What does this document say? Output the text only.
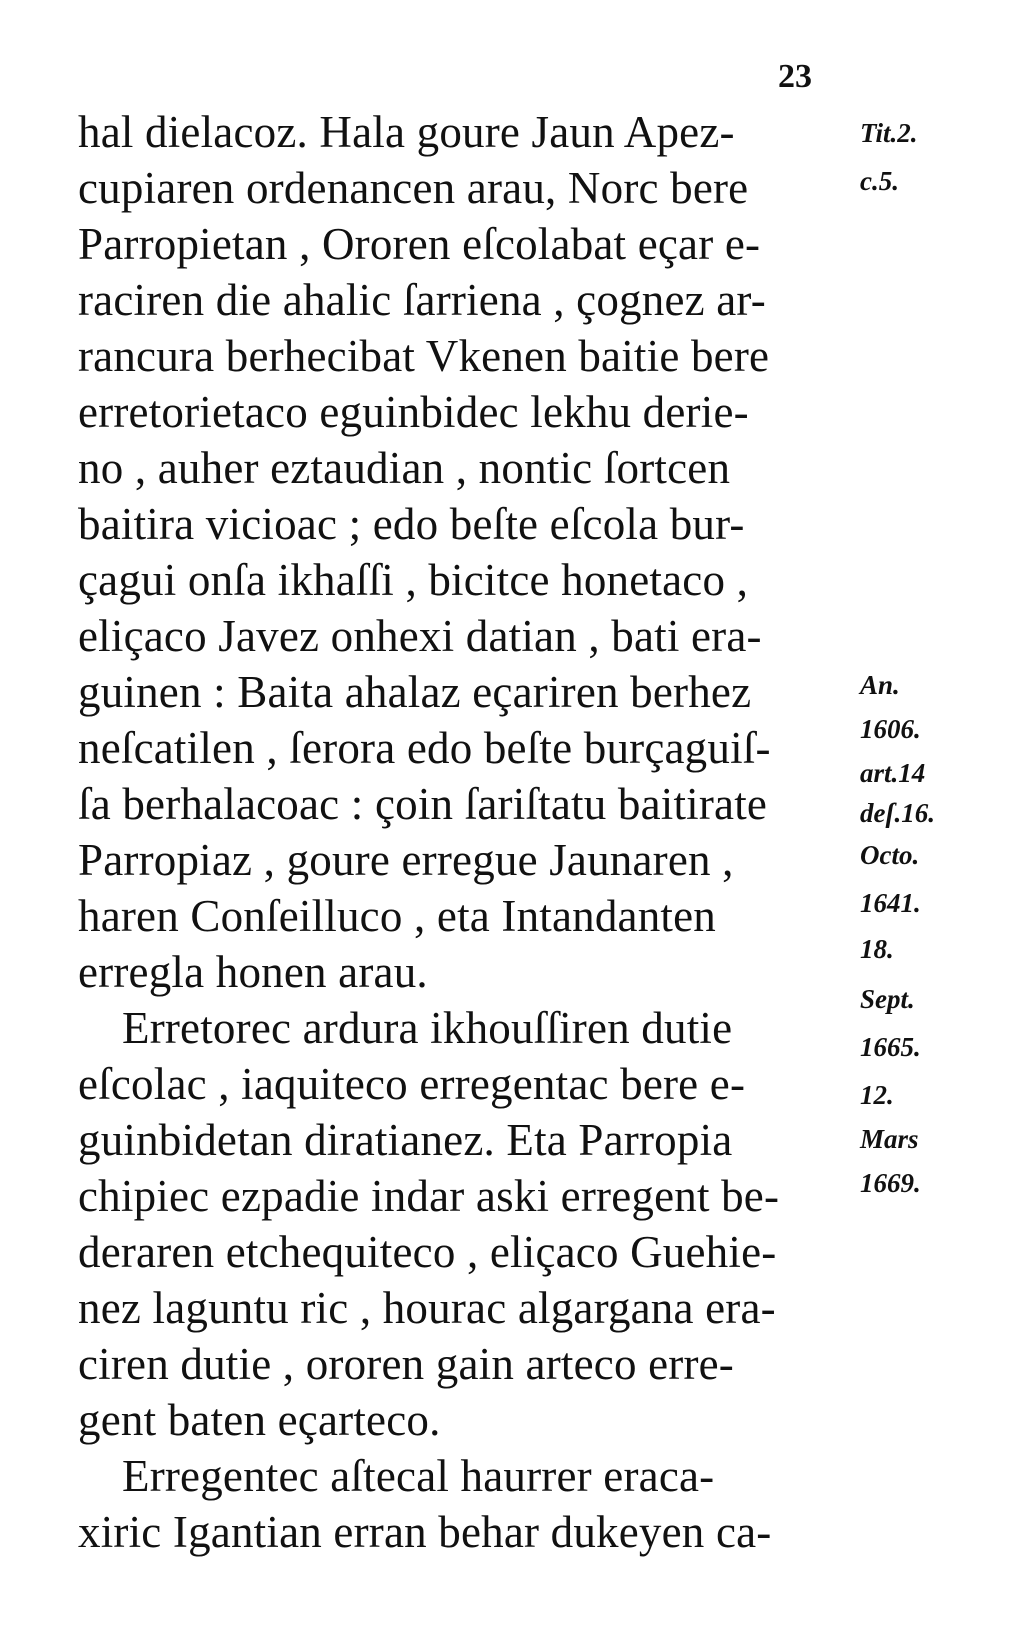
23
hal dielacoz. Hala goure Jaun Apez-
cupiaren ordenancen arau, Norc bere
Parropietan , Ororen eſcolabat eçar e-
raciren die ahalic ſarriena , çognez ar-
rancura berhecibat Vkenen baitie bere
erretorietaco eguinbidec lekhu derie-
no , auher eztaudian , nontic ſortcen
baitira vicioac ; edo beſte eſcola bur-
çagui onſa ikhaſſi , bicitce honetaco ,
eliçaco Javez onhexi datian , bati era-
guinen : Baita ahalaz eçariren berhez
neſcatilen , ſerora edo beſte burçaguiſ-
ſa berhalacoac : çoin ſariſtatu baitirate
Parropiaz , goure erregue Jaunaren ,
haren Conſeilluco , eta Intandanten
erregla honen arau.
Erretorec ardura ikhouſſiren dutie
eſcolac , iaquiteco erregentac bere e-
guinbidetan diratianez. Eta Parropia
chipiec ezpadie indar aski erregent be-
deraren etchequiteco , eliçaco Guehie-
nez laguntu ric , hourac algargana era-
ciren dutie , ororen gain arteco erre-
gent baten eçarteco.
Erregentec aſtecal haurrer eraca-
xiric Igantian erran behar dukeyen ca-
Tit.2.
c.5.
An.
1606.
art.14
deſ.16.
Octo.
1641.
18.
Sept.
1665.
12.
Mars
1669.
